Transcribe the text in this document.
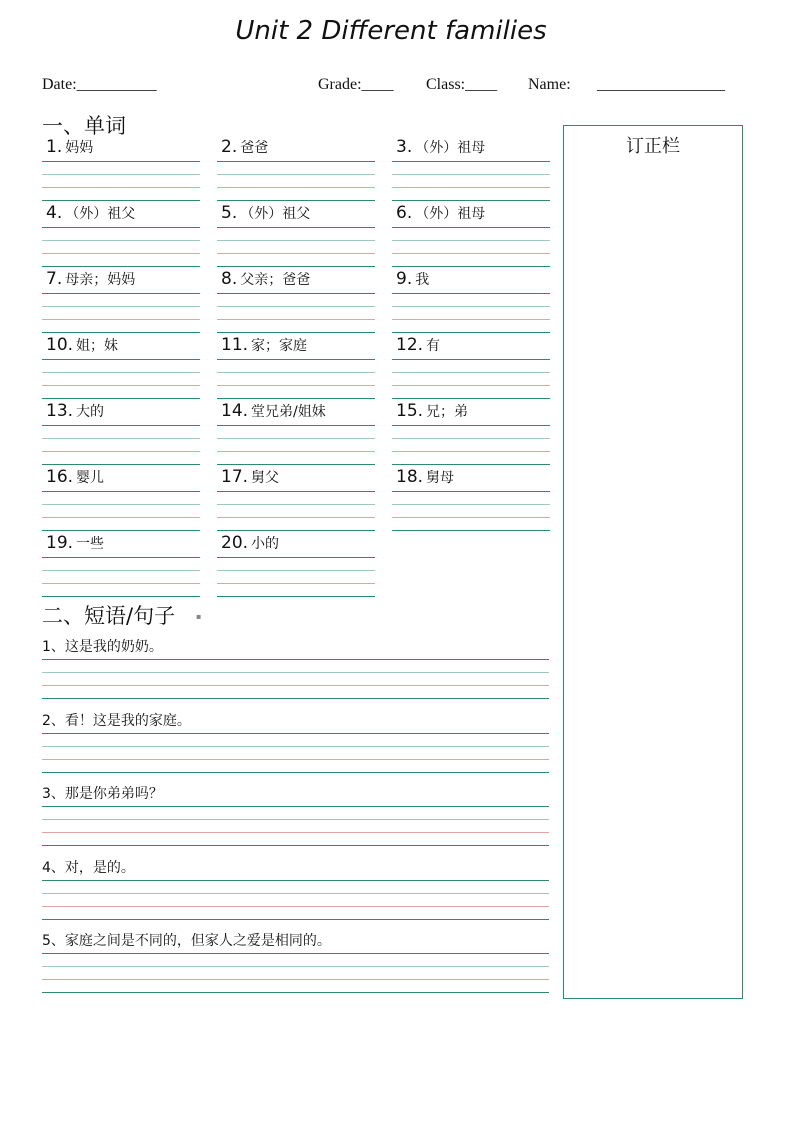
Unit 2 Different families
Date:__________	Grade:____ Class:____ Name: ________________
一、单词
1. 妈妈	2. 爸爸	3. （外）祖母
4. （外）祖父	5. （外）祖父	6. （外）祖母
7. 母亲；妈妈	8. 父亲；爸爸	9. 我
10. 姐；妹	11. 家；家庭	12. 有
13. 大的	14. 堂兄弟/姐妹	15. 兄；弟
16. 婴儿	17. 舅父	18. 舅母
19. 一些	20. 小的
二、短语/句子	▪
1、这是我的奶奶。
2、看！这是我的家庭。
3、那是你弟弟吗？
4、对，是的。
5、家庭之间是不同的，但家人之爱是相同的。
订正栏
